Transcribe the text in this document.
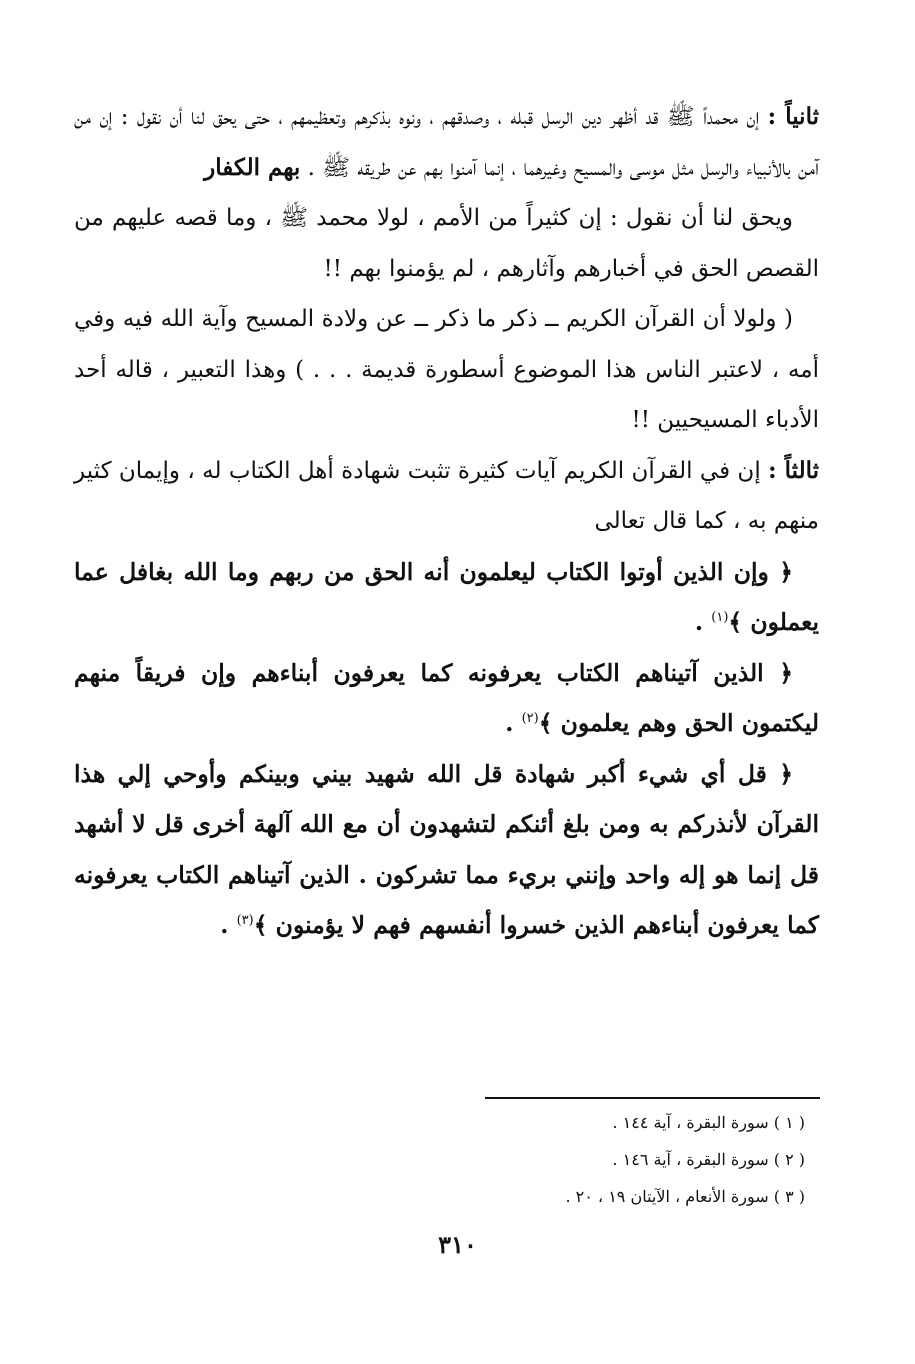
ثانياً : إن محمداً ﷺ قد أظهر دين الرسل قبله ، وصدقهم ، ونوه بذكرهم وتعظيمهم ، حتى يحق لنا أن نقول : إن من آمن بالأنبياء والرسل مثل موسى والمسيح وغيرهما ، إنما آمنوا بهم عن طريقه ﷺ . بهم الكفار

ويحق لنا أن نقول : إن كثيراً من الأمم ، لولا محمد ﷺ ، وما قصه عليهم من القصص الحق في أخبارهم وآثارهم ، لم يؤمنوا بهم !!

( ولولا أن القرآن الكريم ــ ذكر ما ذكر ــ عن ولادة المسيح وآية الله فيه وفي أمه ، لاعتبر الناس هذا الموضوع أسطورة قديمة . . . ) وهذا التعبير ، قاله أحد الأدباء المسيحيين !!

ثالثاً : إن في القرآن الكريم آيات كثيرة تثبت شهادة أهل الكتاب له ، وإيمان كثير منهم به ، كما قال تعالى

﴿ وإن الذين أوتوا الكتاب ليعلمون أنه الحق من ربهم وما الله بغافل عما يعملون ﴾$^{(١)}$ .

﴿ الذين آتيناهم الكتاب يعرفونه كما يعرفون أبناءهم وإن فريقاً منهم ليكتمون الحق وهم يعلمون ﴾$^{(٢)}$ .

﴿ قل أي شيء أكبر شهادة قل الله شهيد بيني وبينكم وأوحي إلي هذا القرآن لأنذركم به ومن بلغ أئنكم لتشهدون أن مع الله آلهة أخرى قل لا أشهد قل إنما هو إله واحد وإنني بريء مما تشركون . الذين آتيناهم الكتاب يعرفونه كما يعرفون أبناءهم الذين خسروا أنفسهم فهم لا يؤمنون ﴾$^{(٣)}$ .

( ١ ) سورة البقرة ، آية ١٤٤ .

( ٢ ) سورة البقرة ، آية ١٤٦ .

( ٣ ) سورة الأنعام ، الآيتان ١٩ ، ٢٠ .

٣١٠
